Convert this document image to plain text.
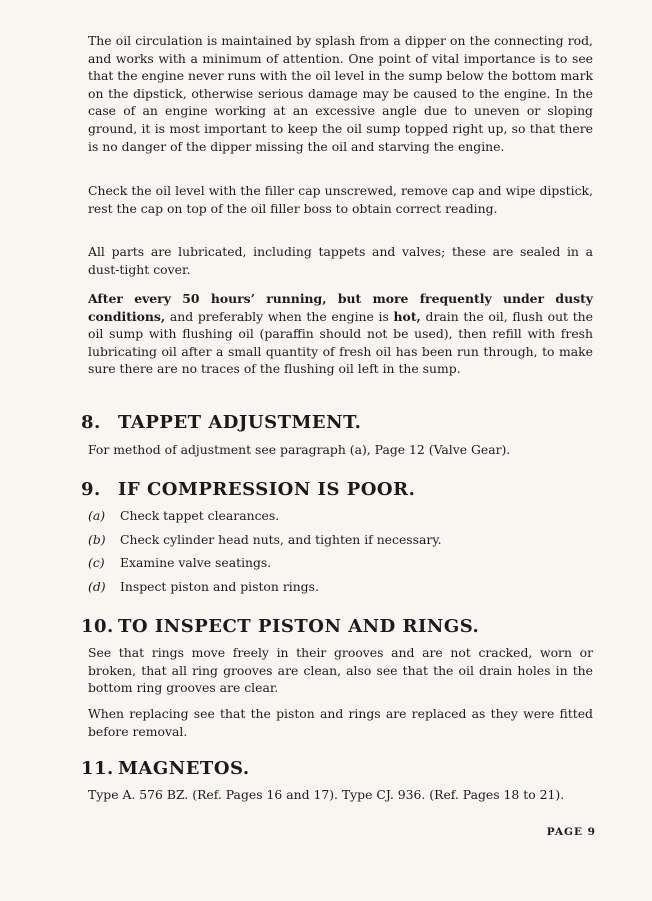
The oil circulation is maintained by splash from a dipper on the connecting rod, and works with a minimum of attention. One point of vital importance is to see that the engine never runs with the oil level in the sump below the bottom mark on the dipstick, otherwise serious damage may be caused to the engine. In the case of an engine working at an excessive angle due to uneven or sloping ground, it is most important to keep the oil sump topped right up, so that there is no danger of the dipper missing the oil and starving the engine.

Check the oil level with the filler cap unscrewed, remove cap and wipe dipstick, rest the cap on top of the oil filler boss to obtain correct reading.

All parts are lubricated, including tappets and valves; these are sealed in a dust-tight cover.

After every 50 hours’ running, but more frequently under dusty conditions, and preferably when the engine is hot, drain the oil, flush out the oil sump with flushing oil (paraffin should not be used), then refill with fresh lubricating oil after a small quantity of fresh oil has been run through, to make sure there are no traces of the flushing oil left in the sump.

8. TAPPET ADJUSTMENT.

For method of adjustment see paragraph (a), Page 12 (Valve Gear).

9. IF COMPRESSION IS POOR.
(a) Check tappet clearances.
(b) Check cylinder head nuts, and tighten if necessary.
(c) Examine valve seatings.
(d) Inspect piston and piston rings.
10. TO INSPECT PISTON AND RINGS.

See that rings move freely in their grooves and are not cracked, worn or broken, that all ring grooves are clean, also see that the oil drain holes in the bottom ring grooves are clear.

When replacing see that the piston and rings are replaced as they were fitted before removal.

11. MAGNETOS.

Type A. 576 BZ. (Ref. Pages 16 and 17). Type CJ. 936. (Ref. Pages 18 to 21).

PAGE 9
